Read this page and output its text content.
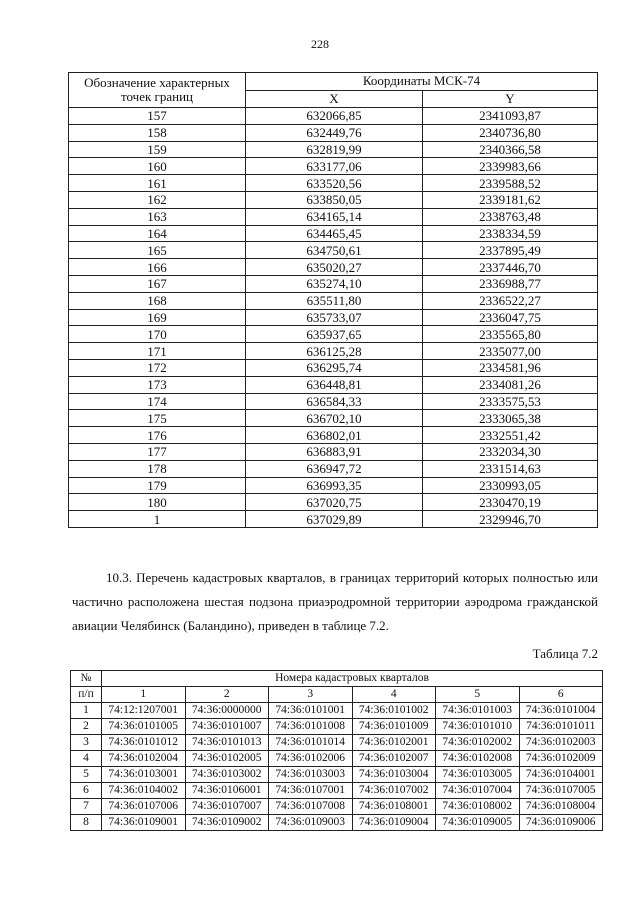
228
Обозначение характерных точек границ	Координаты МСК-74	
	X	Y
157	632066,85	2341093,87
158	632449,76	2340736,80
159	632819,99	2340366,58
160	633177,06	2339983,66
161	633520,56	2339588,52
162	633850,05	2339181,62
163	634165,14	2338763,48
164	634465,45	2338334,59
165	634750,61	2337895,49
166	635020,27	2337446,70
167	635274,10	2336988,77
168	635511,80	2336522,27
169	635733,07	2336047,75
170	635937,65	2335565,80
171	636125,28	2335077,00
172	636295,74	2334581,96
173	636448,81	2334081,26
174	636584,33	2333575,53
175	636702,10	2333065,38
176	636802,01	2332551,42
177	636883,91	2332034,30
178	636947,72	2331514,63
179	636993,35	2330993,05
180	637020,75	2330470,19
1	637029,89	2329946,70
10.3. Перечень кадастровых кварталов, в границах территорий которых полностью или частично расположена шестая подзона приаэродромной территории аэродрома гражданской авиации Челябинск (Баландино), приведен в таблице 7.2.
Таблица 7.2
№	Номера кадастровых кварталов					
п/п	1	2	3	4	5	6
1	74:12:1207001	74:36:0000000	74:36:0101001	74:36:0101002	74:36:0101003	74:36:0101004
2	74:36:0101005	74:36:0101007	74:36:0101008	74:36:0101009	74:36:0101010	74:36:0101011
3	74:36:0101012	74:36:0101013	74:36:0101014	74:36:0102001	74:36:0102002	74:36:0102003
4	74:36:0102004	74:36:0102005	74:36:0102006	74:36:0102007	74:36:0102008	74:36:0102009
5	74:36:0103001	74:36:0103002	74:36:0103003	74:36:0103004	74:36:0103005	74:36:0104001
6	74:36:0104002	74:36:0106001	74:36:0107001	74:36:0107002	74:36:0107004	74:36:0107005
7	74:36:0107006	74:36:0107007	74:36:0107008	74:36:0108001	74:36:0108002	74:36:0108004
8	74:36:0109001	74:36:0109002	74:36:0109003	74:36:0109004	74:36:0109005	74:36:0109006
